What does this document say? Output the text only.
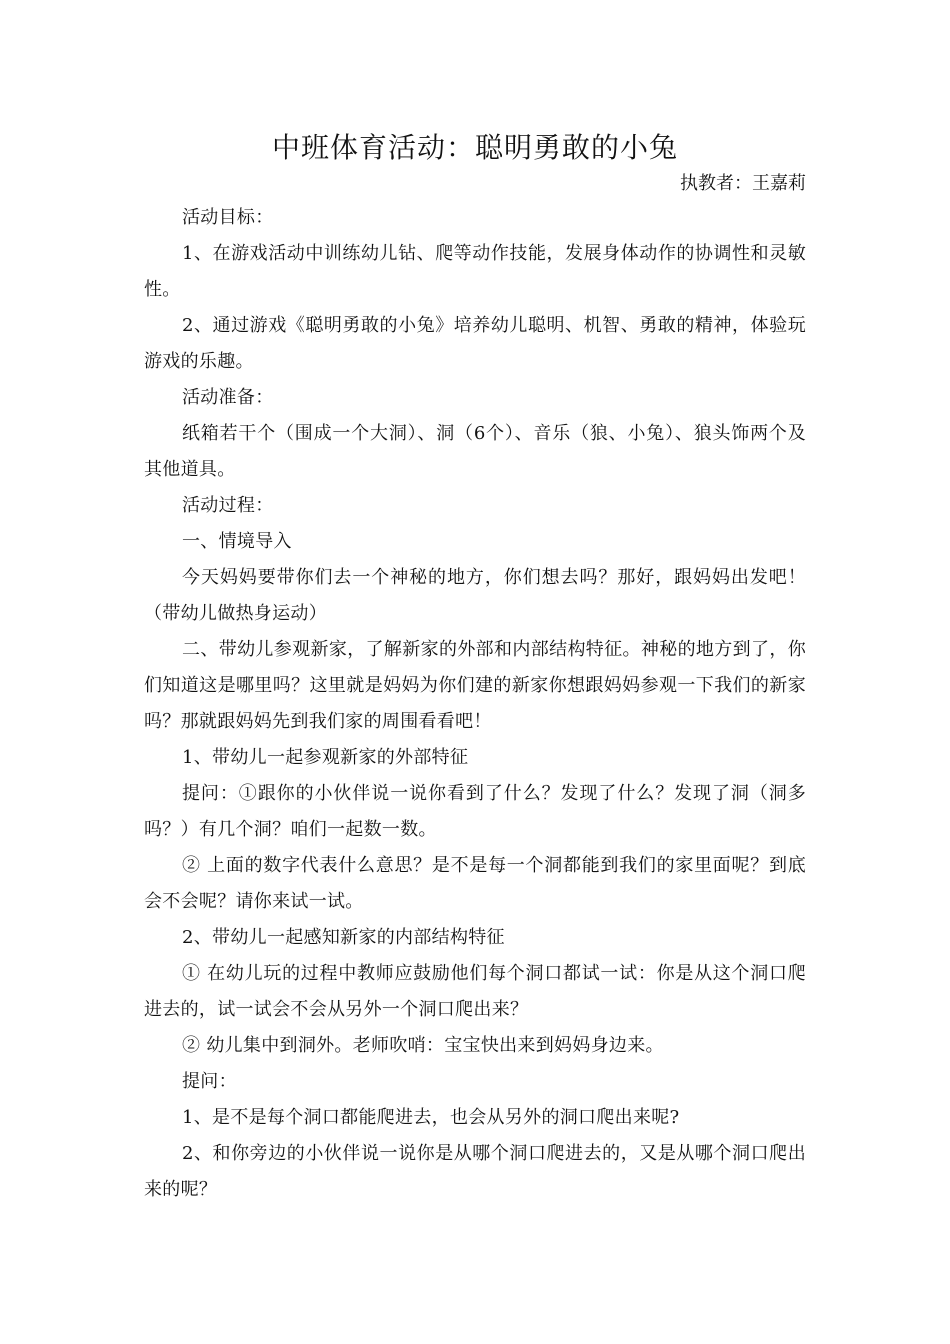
中班体育活动：聪明勇敢的小兔

执教者：王嘉莉

活动目标：

1、在游戏活动中训练幼儿钻、爬等动作技能，发展身体动作的协调性和灵敏性。

2、通过游戏《聪明勇敢的小兔》培养幼儿聪明、机智、勇敢的精神，体验玩游戏的乐趣。

活动准备：

纸箱若干个（围成一个大洞）、洞（6个）、音乐（狼、小兔）、狼头饰两个及其他道具。

活动过程：

一、情境导入

今天妈妈要带你们去一个神秘的地方，你们想去吗？那好，跟妈妈出发吧！（带幼儿做热身运动）

二、带幼儿参观新家，了解新家的外部和内部结构特征。神秘的地方到了，你们知道这是哪里吗？这里就是妈妈为你们建的新家你想跟妈妈参观一下我们的新家吗？那就跟妈妈先到我们家的周围看看吧！

1、带幼儿一起参观新家的外部特征

提问：①跟你的小伙伴说一说你看到了什么？发现了什么？发现了洞（洞多吗？）有几个洞？咱们一起数一数。

② 上面的数字代表什么意思？是不是每一个洞都能到我们的家里面呢？到底会不会呢？请你来试一试。

2、带幼儿一起感知新家的内部结构特征

① 在幼儿玩的过程中教师应鼓励他们每个洞口都试一试：你是从这个洞口爬进去的，试一试会不会从另外一个洞口爬出来？

② 幼儿集中到洞外。老师吹哨：宝宝快出来到妈妈身边来。

提问：

1、是不是每个洞口都能爬进去，也会从另外的洞口爬出来呢?

2、和你旁边的小伙伴说一说你是从哪个洞口爬进去的，又是从哪个洞口爬出来的呢？
